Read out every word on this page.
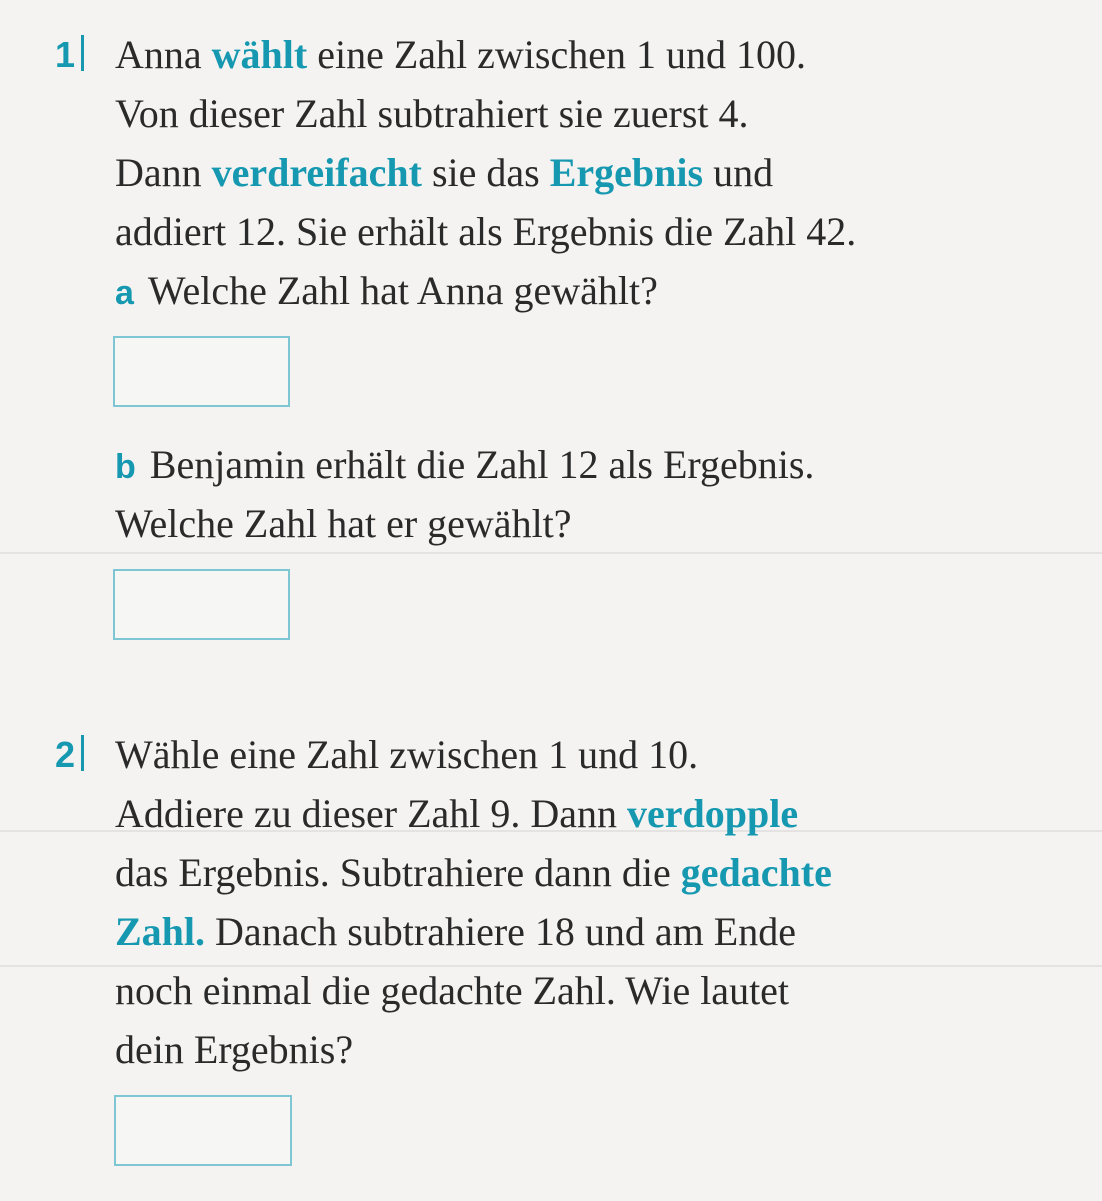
1 Anna wählt eine Zahl zwischen 1 und 100.
Von dieser Zahl subtrahiert sie zuerst 4.
Dann verdreifacht sie das Ergebnis und
addiert 12. Sie erhält als Ergebnis die Zahl 42.
a Welche Zahl hat Anna gewählt?
b Benjamin erhält die Zahl 12 als Ergebnis.
Welche Zahl hat er gewählt?
2 Wähle eine Zahl zwischen 1 und 10.
Addiere zu dieser Zahl 9. Dann verdopple
das Ergebnis. Subtrahiere dann die gedachte
Zahl. Danach subtrahiere 18 und am Ende
noch einmal die gedachte Zahl. Wie lautet
dein Ergebnis?
